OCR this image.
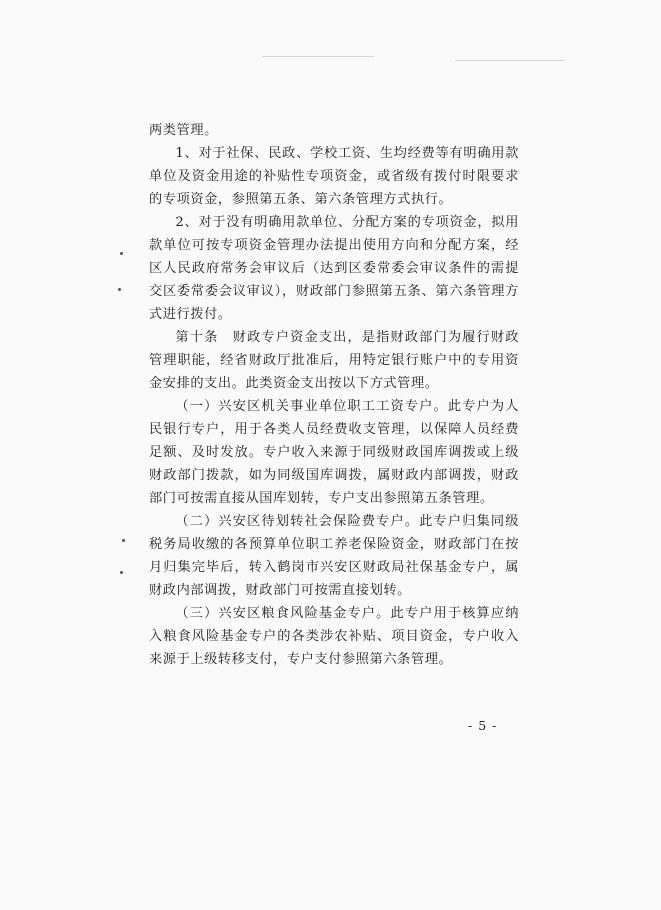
两类管理。

1、对于社保、民政、学校工资、生均经费等有明确用款单位及资金用途的补贴性专项资金，或省级有拨付时限要求的专项资金，参照第五条、第六条管理方式执行。

2、对于没有明确用款单位、分配方案的专项资金，拟用款单位可按专项资金管理办法提出使用方向和分配方案，经区人民政府常务会审议后（达到区委常委会审议条件的需提交区委常委会议审议），财政部门参照第五条、第六条管理方式进行拨付。

第十条　财政专户资金支出，是指财政部门为履行财政管理职能，经省财政厅批准后，用特定银行账户中的专用资金安排的支出。此类资金支出按以下方式管理。

（一）兴安区机关事业单位职工工资专户。此专户为人民银行专户，用于各类人员经费收支管理，以保障人员经费足额、及时发放。专户收入来源于同级财政国库调拨或上级财政部门拨款，如为同级国库调拨，属财政内部调拨，财政部门可按需直接从国库划转，专户支出参照第五条管理。

（二）兴安区待划转社会保险费专户。此专户归集同级税务局收缴的各预算单位职工养老保险资金，财政部门在按月归集完毕后，转入鹤岗市兴安区财政局社保基金专户，属财政内部调拨，财政部门可按需直接划转。

（三）兴安区粮食风险基金专户。此专户用于核算应纳入粮食风险基金专户的各类涉农补贴、项目资金，专户收入来源于上级转移支付，专户支付参照第六条管理。

- 5 -
